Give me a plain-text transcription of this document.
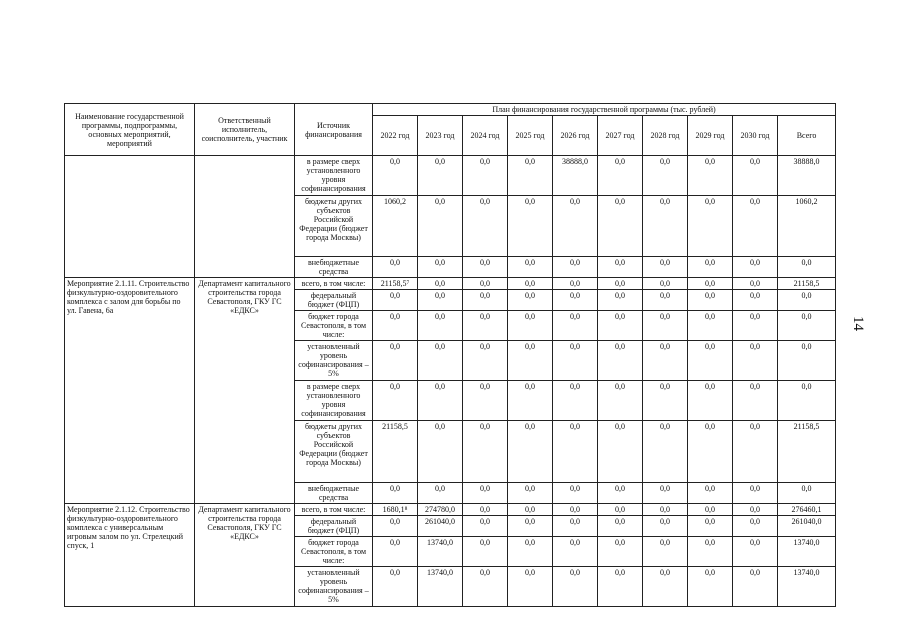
Наименование государственной программы, подпрограммы, основных мероприятий, мероприятий	Ответственный исполнитель, соисполнитель, участник	Источник финансирования	План финансирования государственной программы (тыс. рублей)									
			2022 год	2023 год	2024 год	2025 год	2026 год	2027 год	2028 год	2029 год	2030 год	Всего
		в размере сверх установленного уровня софинансирования	0,0	0,0	0,0	0,0	38888,0	0,0	0,0	0,0	0,0	38888,0
		бюджеты других субъектов Российской Федерации (бюджет города Москвы)	1060,2	0,0	0,0	0,0	0,0	0,0	0,0	0,0	0,0	1060,2
		внебюджетные средства	0,0	0,0	0,0	0,0	0,0	0,0	0,0	0,0	0,0	0,0
Мероприятие 2.1.11. Строительство физкультурно-оздоровительного комплекса с залом для борьбы по ул. Гавена, 6а	Департамент капитального строительства города Севастополя, ГКУ ГС «ЕДКС»	всего, в том числе:	21158,5⁷	0,0	0,0	0,0	0,0	0,0	0,0	0,0	0,0	21158,5
		федеральный бюджет (ФЦП)	0,0	0,0	0,0	0,0	0,0	0,0	0,0	0,0	0,0	0,0
		бюджет города Севастополя, в том числе:	0,0	0,0	0,0	0,0	0,0	0,0	0,0	0,0	0,0	0,0
		установленный уровень софинансирования – 5%	0,0	0,0	0,0	0,0	0,0	0,0	0,0	0,0	0,0	0,0
		в размере сверх установленного уровня софинансирования	0,0	0,0	0,0	0,0	0,0	0,0	0,0	0,0	0,0	0,0
		бюджеты других субъектов Российской Федерации (бюджет города Москвы)	21158,5	0,0	0,0	0,0	0,0	0,0	0,0	0,0	0,0	21158,5
		внебюджетные средства	0,0	0,0	0,0	0,0	0,0	0,0	0,0	0,0	0,0	0,0
Мероприятие 2.1.12. Строительство физкультурно-оздоровительного комплекса с универсальным игровым залом по ул. Стрелецкий спуск, 1	Департамент капитального строительства города Севастополя, ГКУ ГС «ЕДКС»	всего, в том числе:	1680,1⁸	274780,0	0,0	0,0	0,0	0,0	0,0	0,0	0,0	276460,1
		федеральный бюджет (ФЦП)	0,0	261040,0	0,0	0,0	0,0	0,0	0,0	0,0	0,0	261040,0
		бюджет города Севастополя, в том числе:	0,0	13740,0	0,0	0,0	0,0	0,0	0,0	0,0	0,0	13740,0
		установленный уровень софинансирования – 5%	0,0	13740,0	0,0	0,0	0,0	0,0	0,0	0,0	0,0	13740,0
14
